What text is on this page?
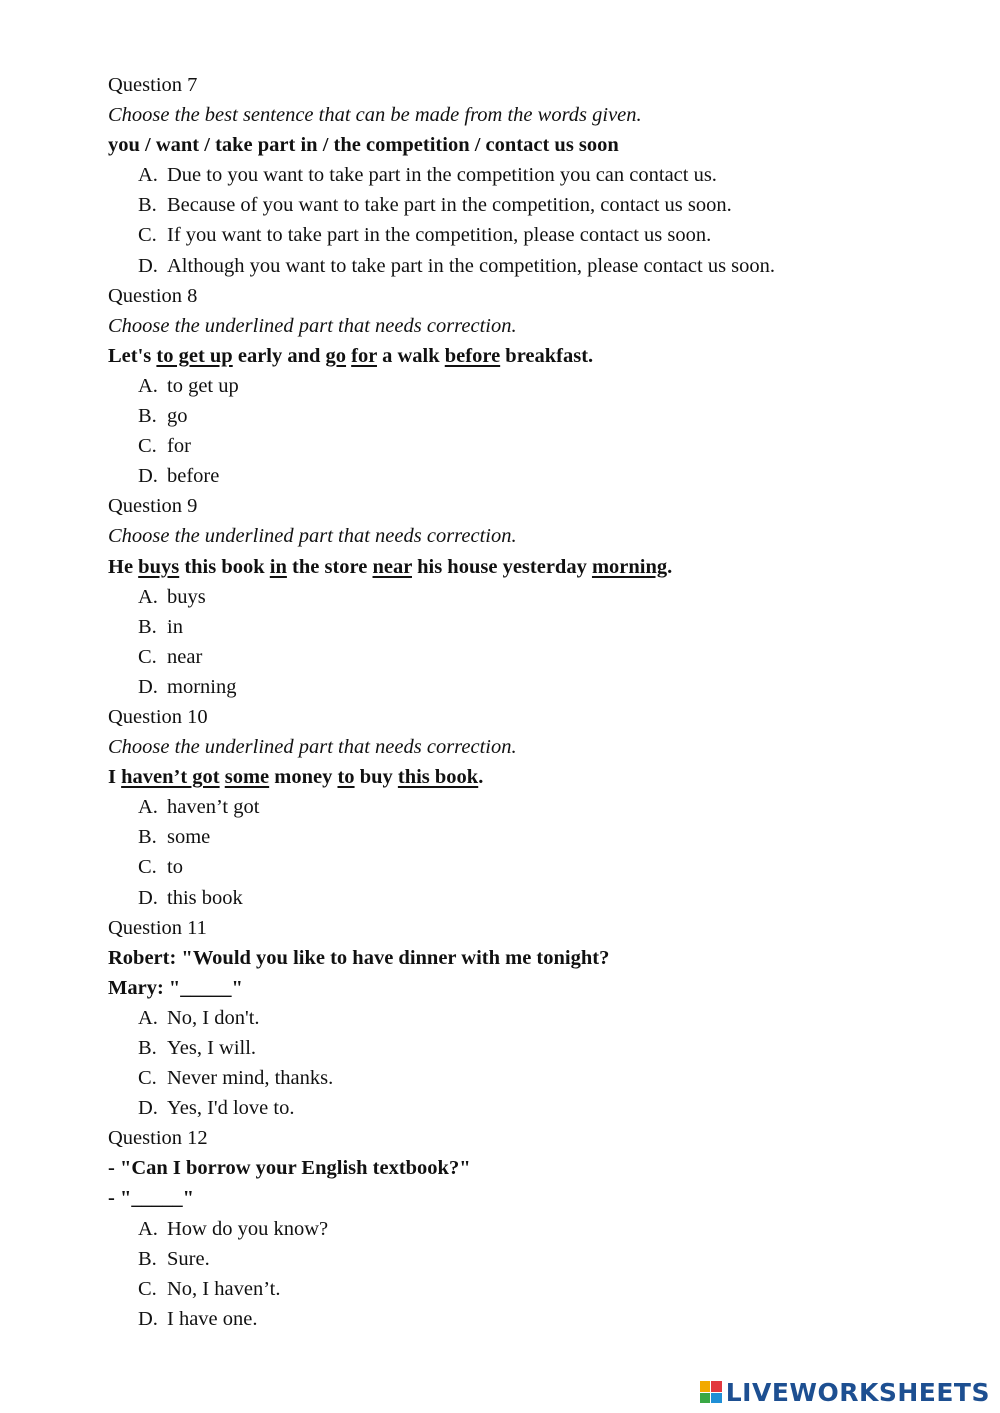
Question 7
Choose the best sentence that can be made from the words given.
you / want / take part in / the competition / contact us soon
A. Due to you want to take part in the competition you can contact us.
B. Because of you want to take part in the competition, contact us soon.
C. If you want to take part in the competition, please contact us soon.
D. Although you want to take part in the competition, please contact us soon.
Question 8
Choose the underlined part that needs correction.
Let's to get up early and go for a walk before breakfast.
A. to get up
B. go
C. for
D. before
Question 9
Choose the underlined part that needs correction.
He buys this book in the store near his house yesterday morning.
A. buys
B. in
C. near
D. morning
Question 10
Choose the underlined part that needs correction.
I haven’t got some money to buy this book.
A. haven’t got
B. some
C. to
D. this book
Question 11
Robert: "Would you like to have dinner with me tonight?
Mary: "_____"
A. No, I don't.
B. Yes, I will.
C. Never mind, thanks.
D. Yes, I'd love to.
Question 12
- "Can I borrow your English textbook?"
- "_____"
A. How do you know?
B. Sure.
C. No, I haven’t.
D. I have one.
LIVEWORKSHEETS
